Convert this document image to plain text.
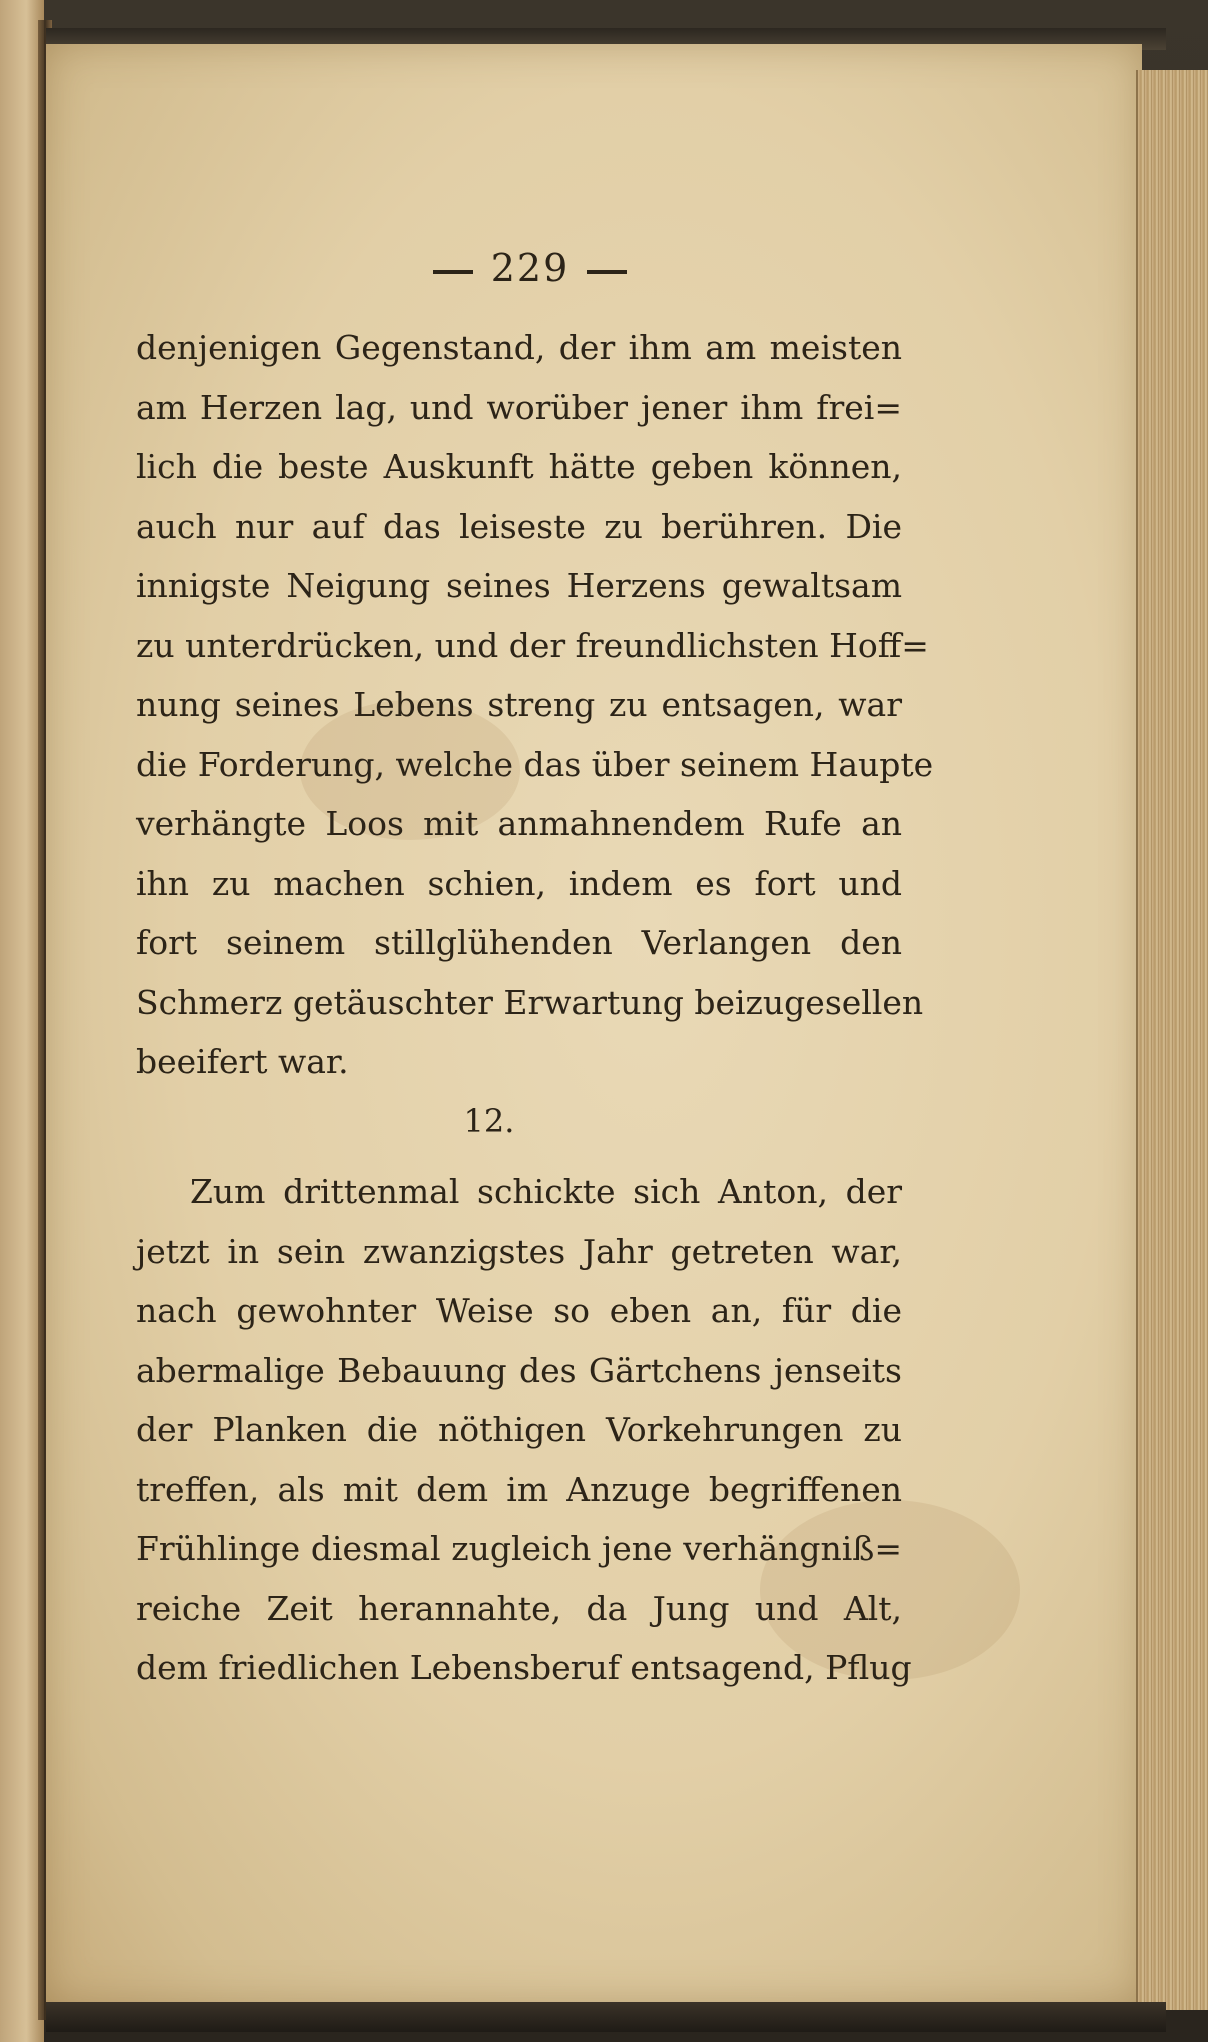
229
denjenigen Gegenstand, der ihm am meisten
am Herzen lag, und worüber jener ihm frei=
lich die beste Auskunft hätte geben können,
auch nur auf das leiseste zu berühren. Die
innigste Neigung seines Herzens gewaltsam
zu unterdrücken, und der freundlichsten Hoff=
nung seines Lebens streng zu entsagen, war
die Forderung, welche das über seinem Haupte
verhängte Loos mit anmahnendem Rufe an
ihn zu machen schien, indem es fort und
fort seinem stillglühenden Verlangen den
Schmerz getäuschter Erwartung beizugesellen
beeifert war.
12.
Zum drittenmal schickte sich Anton, der
jetzt in sein zwanzigstes Jahr getreten war,
nach gewohnter Weise so eben an, für die
abermalige Bebauung des Gärtchens jenseits
der Planken die nöthigen Vorkehrungen zu
treffen, als mit dem im Anzuge begriffenen
Frühlinge diesmal zugleich jene verhängniß=
reiche Zeit herannahte, da Jung und Alt,
dem friedlichen Lebensberuf entsagend, Pflug
